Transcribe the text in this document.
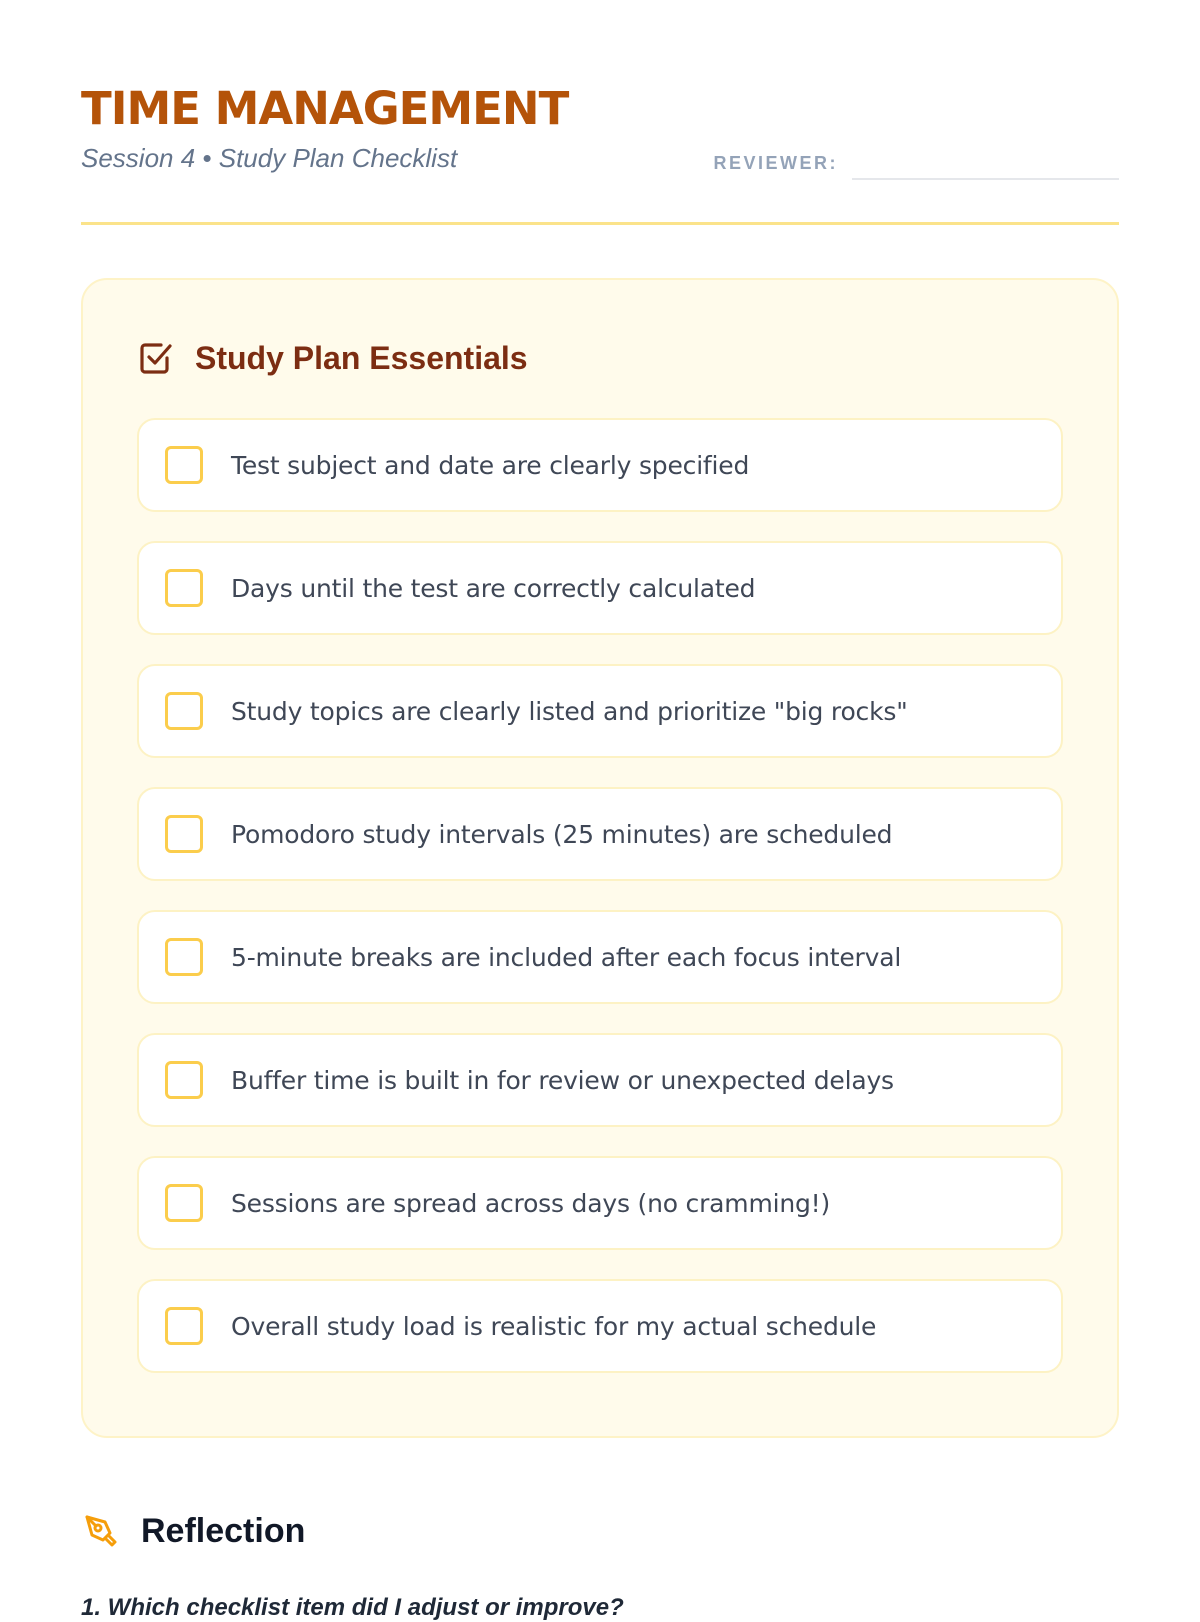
TIME MANAGEMENT

Session 4 • Study Plan Checklist	REVIEWER:
Study Plan Essentials
Test subject and date are clearly specified
Days until the test are correctly calculated
Study topics are clearly listed and prioritize "big rocks"
Pomodoro study intervals (25 minutes) are scheduled
5-minute breaks are included after each focus interval
Buffer time is built in for review or unexpected delays
Sessions are spread across days (no cramming!)
Overall study load is realistic for my actual schedule
Reflection
1. Which checklist item did I adjust or improve?
